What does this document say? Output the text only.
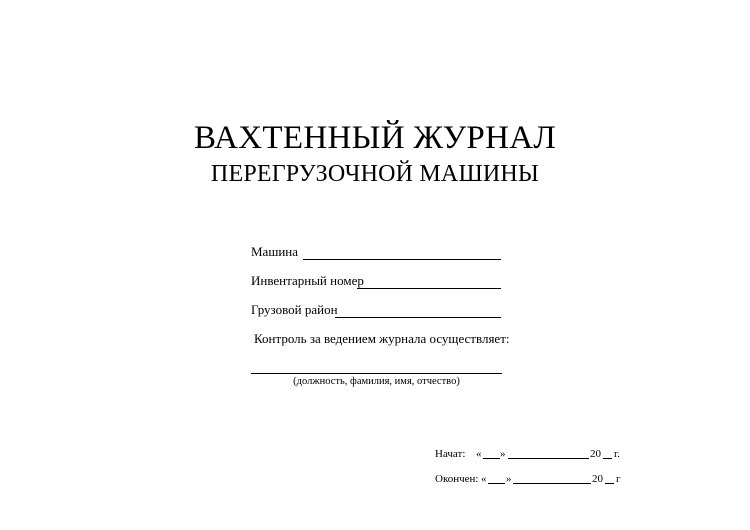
ВАХТЕННЫЙ ЖУРНАЛ
ПЕРЕГРУЗОЧНОЙ МАШИНЫ
Машина
Инвентарный номер
Грузовой район
Контроль за ведением журнала осуществляет:
(должность, фамилия, имя, отчество)
Начат: « »	20 г.
Окончен: « »	20 г
